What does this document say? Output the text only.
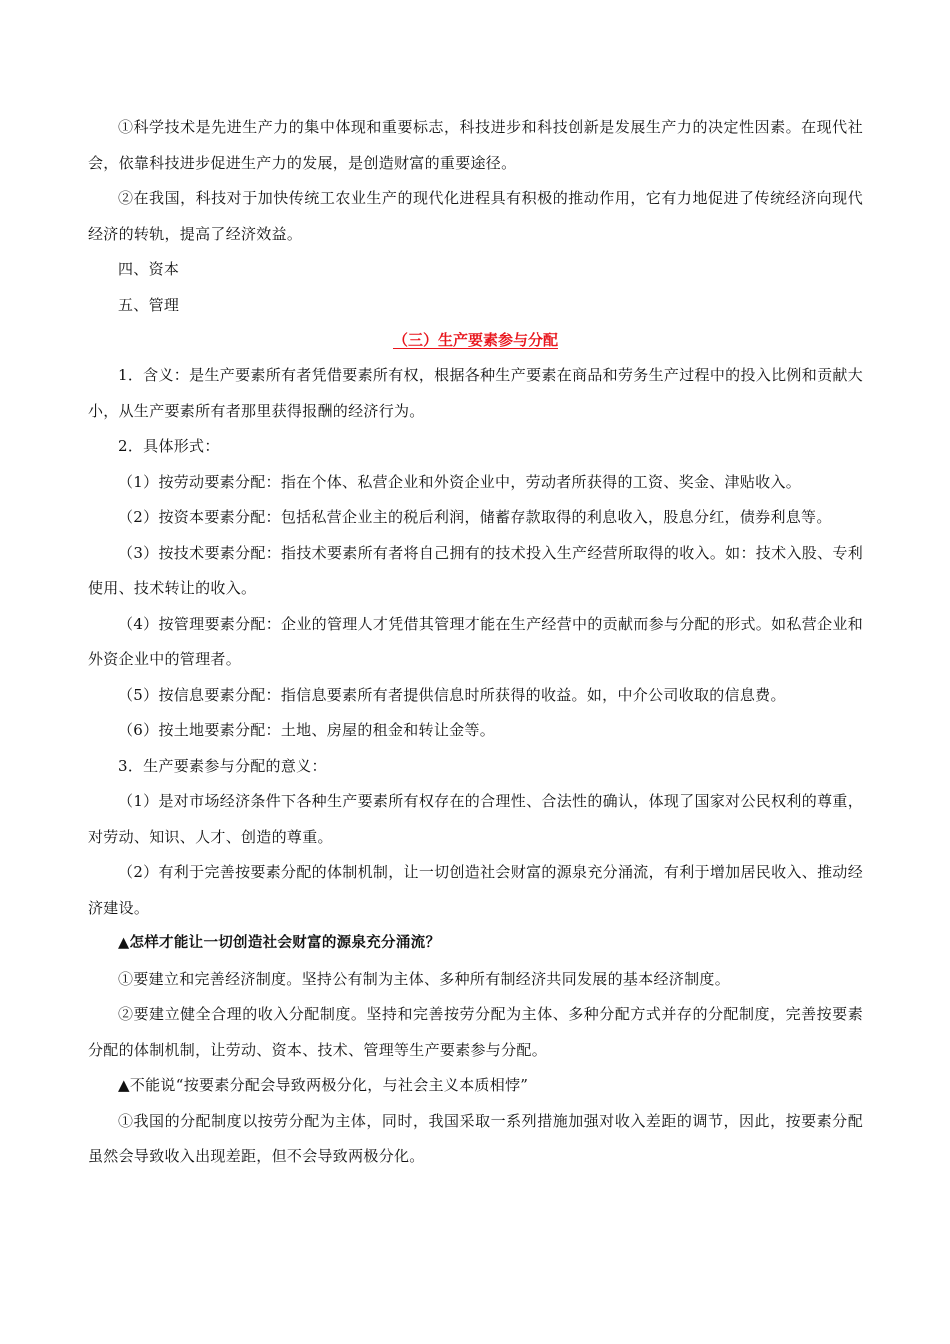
①科学技术是先进生产力的集中体现和重要标志，科技进步和科技创新是发展生产力的决定性因素。在现代社会，依靠科技进步促进生产力的发展，是创造财富的重要途径。

②在我国，科技对于加快传统工农业生产的现代化进程具有积极的推动作用，它有力地促进了传统经济向现代经济的转轨，提高了经济效益。

四、资本

五、管理

（三）生产要素参与分配

1．含义：是生产要素所有者凭借要素所有权，根据各种生产要素在商品和劳务生产过程中的投入比例和贡献大小，从生产要素所有者那里获得报酬的经济行为。

2．具体形式：

（1）按劳动要素分配：指在个体、私营企业和外资企业中，劳动者所获得的工资、奖金、津贴收入。

（2）按资本要素分配：包括私营企业主的税后利润，储蓄存款取得的利息收入，股息分红，债券利息等。

（3）按技术要素分配：指技术要素所有者将自己拥有的技术投入生产经营所取得的收入。如：技术入股、专利使用、技术转让的收入。

（4）按管理要素分配：企业的管理人才凭借其管理才能在生产经营中的贡献而参与分配的形式。如私营企业和外资企业中的管理者。

（5）按信息要素分配：指信息要素所有者提供信息时所获得的收益。如，中介公司收取的信息费。

（6）按土地要素分配：土地、房屋的租金和转让金等。

3．生产要素参与分配的意义：

（1）是对市场经济条件下各种生产要素所有权存在的合理性、合法性的确认，体现了国家对公民权利的尊重，对劳动、知识、人才、创造的尊重。

（2）有利于完善按要素分配的体制机制，让一切创造社会财富的源泉充分涌流，有利于增加居民收入、推动经济建设。

▲怎样才能让一切创造社会财富的源泉充分涌流？

①要建立和完善经济制度。坚持公有制为主体、多种所有制经济共同发展的基本经济制度。

②要建立健全合理的收入分配制度。坚持和完善按劳分配为主体、多种分配方式并存的分配制度，完善按要素分配的体制机制，让劳动、资本、技术、管理等生产要素参与分配。

▲不能说“按要素分配会导致两极分化，与社会主义本质相悖”

①我国的分配制度以按劳分配为主体，同时，我国采取一系列措施加强对收入差距的调节，因此，按要素分配虽然会导致收入出现差距，但不会导致两极分化。
